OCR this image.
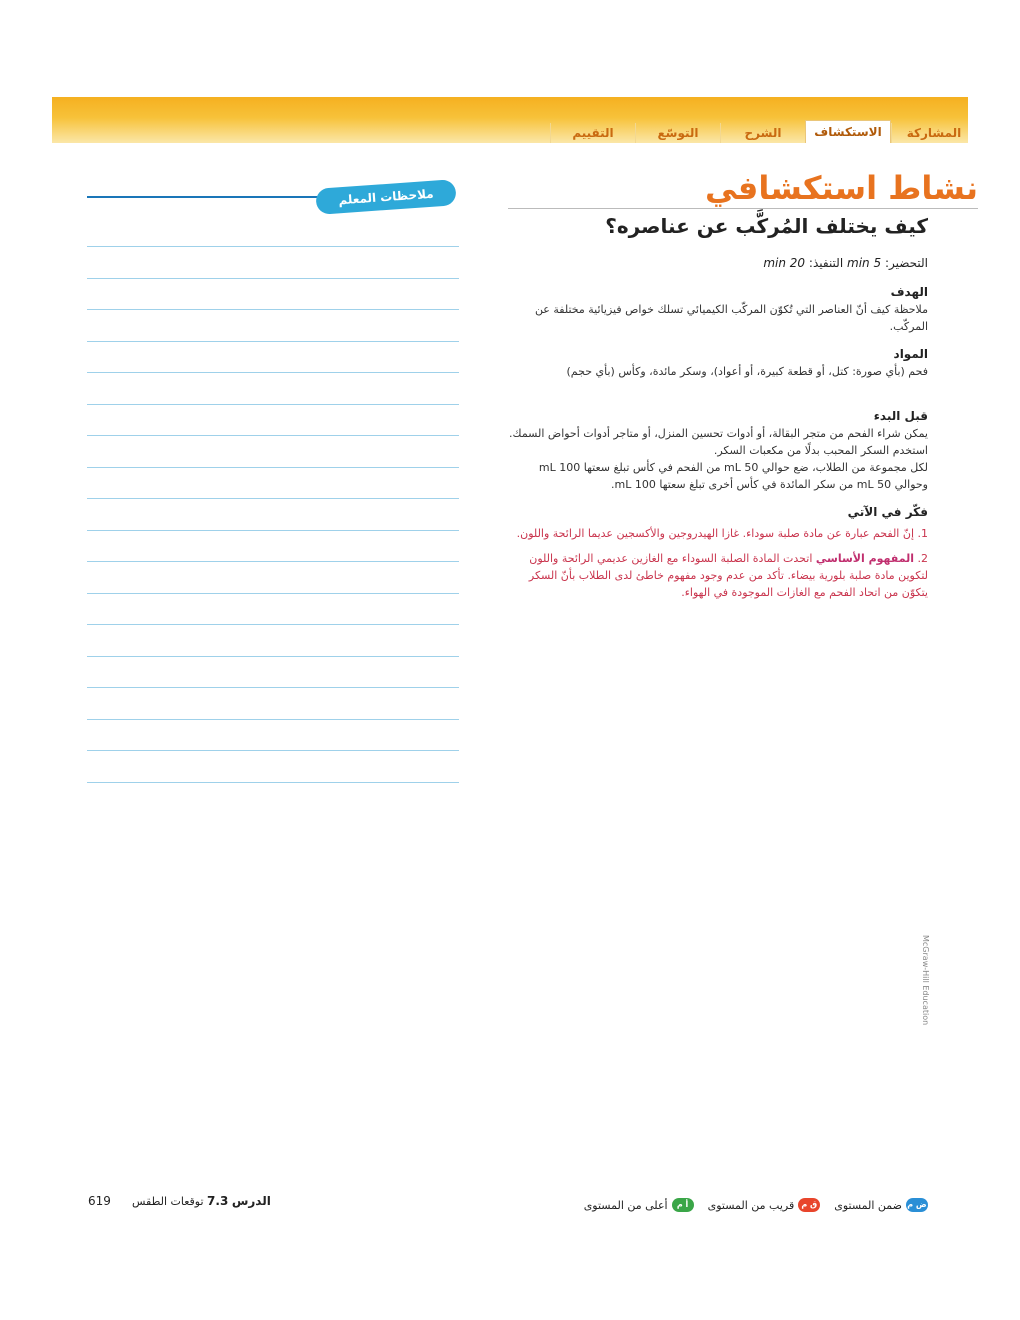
المشاركة
الاستكشاف
الشرح
التوسّع
التقييم
نشاط استكشافي
كيف يختلف المُركَّب عن عناصره؟
التحضير: 5 min التنفيذ: 20 min
الهدف

ملاحظة كيف أنّ العناصر التي تُكوّن المركّب الكيميائي تسلك خواص فيزيائية مختلفة عن المركّب.

المواد

فحم (بأي صورة: كتل، أو قطعة كبيرة، أو أعواد)، وسكر مائدة، وكأس (بأي حجم)

قبل البدء

يمكن شراء الفحم من متجر البقالة، أو أدوات تحسين المنزل، أو متاجر أدوات أحواض السمك. استخدم السكر المحبب بدلًا من مكعبات السكر.

لكل مجموعة من الطلاب، ضع حوالي 50 mL من الفحم في كأس تبلغ سعتها 100 mL وحوالي 50 mL من سكر المائدة في كأس أخرى تبلغ سعتها 100 mL.

فكّر في الآتي

1. إنّ الفحم عبارة عن مادة صلبة سوداء. غازا الهيدروجين والأكسجين عديما الرائحة واللون.

2. المفهوم الأساسي اتحدت المادة الصلبة السوداء مع الغازين عديمي الرائحة واللون لتكوين مادة صلبة بلورية بيضاء. تأكد من عدم وجود مفهوم خاطئ لدى الطلاب بأنّ السكر يتكوّن من اتحاد الفحم مع الغازات الموجودة في الهواء.

ملاحظات المعلم
McGraw-Hill Education
619	الدرس 7.3 توقعات الطقس	ض م
ضمن المستوى
ق م
قريب من المستوى
أ م
أعلى من المستوى
